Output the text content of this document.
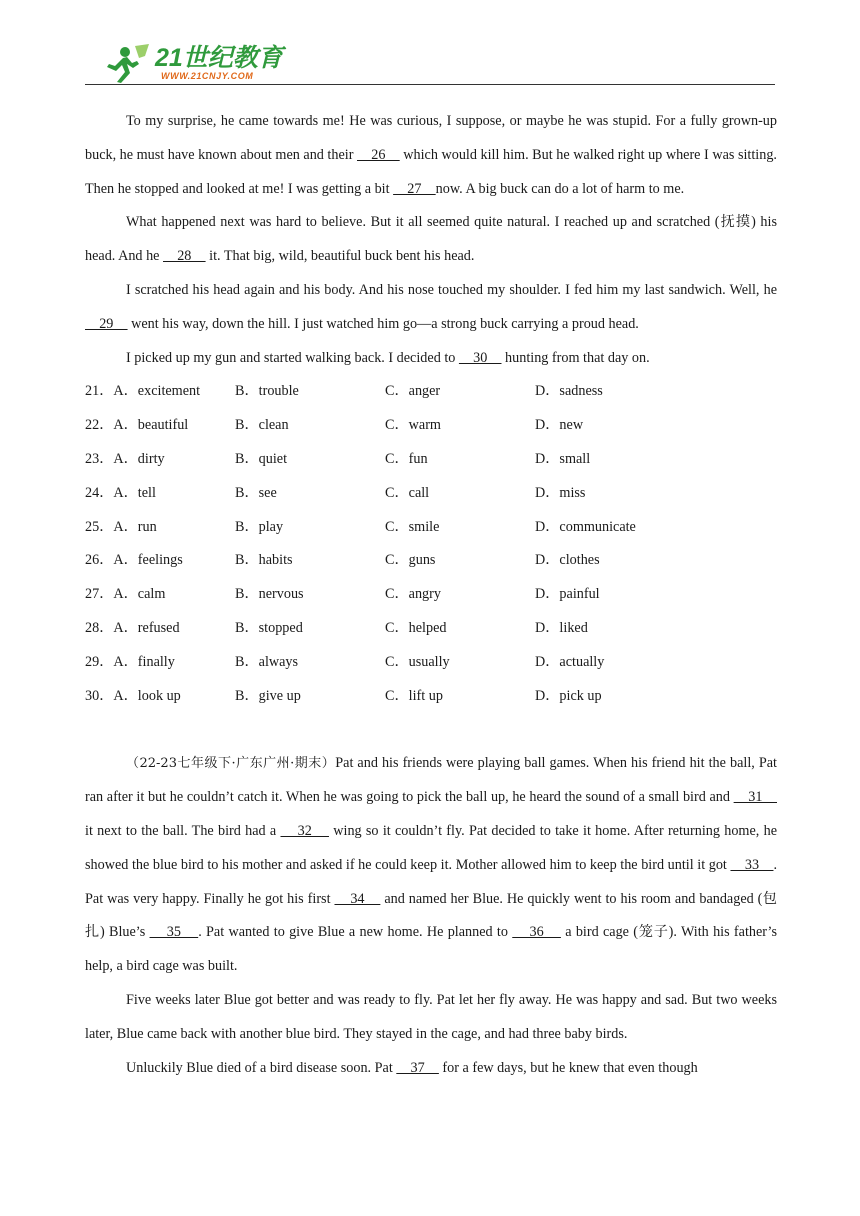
21世纪教育
WWW.21CNJY.COM

To my surprise, he came towards me! He was curious, I suppose, or maybe he was stupid. For a fully grown-up buck, he must have known about men and their     26     which would kill him. But he walked right up where I was sitting. Then he stopped and looked at me! I was getting a bit     27    now. A big buck can do a lot of harm to me.

What happened next was hard to believe. But it all seemed quite natural. I reached up and scratched (抚摸) his head. And he     28     it. That big, wild, beautiful buck bent his head.

I scratched his head again and his body. And his nose touched my shoulder. I fed him my last sandwich. Well, he     29     went his way, down the hill. I just watched him go—a strong buck carrying a proud head.

I picked up my gun and started walking back. I decided to     30     hunting from that day on.

21．A．excitement	B．trouble	C．anger	D．sadness
22．A．beautiful	B．clean	C．warm	D．new
23．A．dirty	B．quiet	C．fun	D．small
24．A．tell	B．see	C．call	D．miss
25．A．run	B．play	C．smile	D．communicate
26．A．feelings	B．habits	C．guns	D．clothes
27．A．calm	B．nervous	C．angry	D．painful
28．A．refused	B．stopped	C．helped	D．liked
29．A．finally	B．always	C．usually	D．actually
30．A．look up	B．give up	C．lift up	D．pick up

（22-23七年级下·广东广州·期末）Pat and his friends were playing ball games. When his friend hit the ball, Pat ran after it but he couldn’t catch it. When he was going to pick the ball up, he heard the sound of a small bird and     31     it next to the ball. The bird had a     32     wing so it couldn’t fly. Pat decided to take it home. After returning home, he showed the blue bird to his mother and asked if he could keep it. Mother allowed him to keep the bird until it got     33    . Pat was very happy. Finally he got his first     34     and named her Blue. He quickly went to his room and bandaged (包扎) Blue’s     35    . Pat wanted to give Blue a new home. He planned to     36     a bird cage (笼子). With his father’s help, a bird cage was built.

Five weeks later Blue got better and was ready to fly. Pat let her fly away. He was happy and sad. But two weeks later, Blue came back with another blue bird. They stayed in the cage, and had three baby birds.

Unluckily Blue died of a bird disease soon. Pat     37     for a few days, but he knew that even though
